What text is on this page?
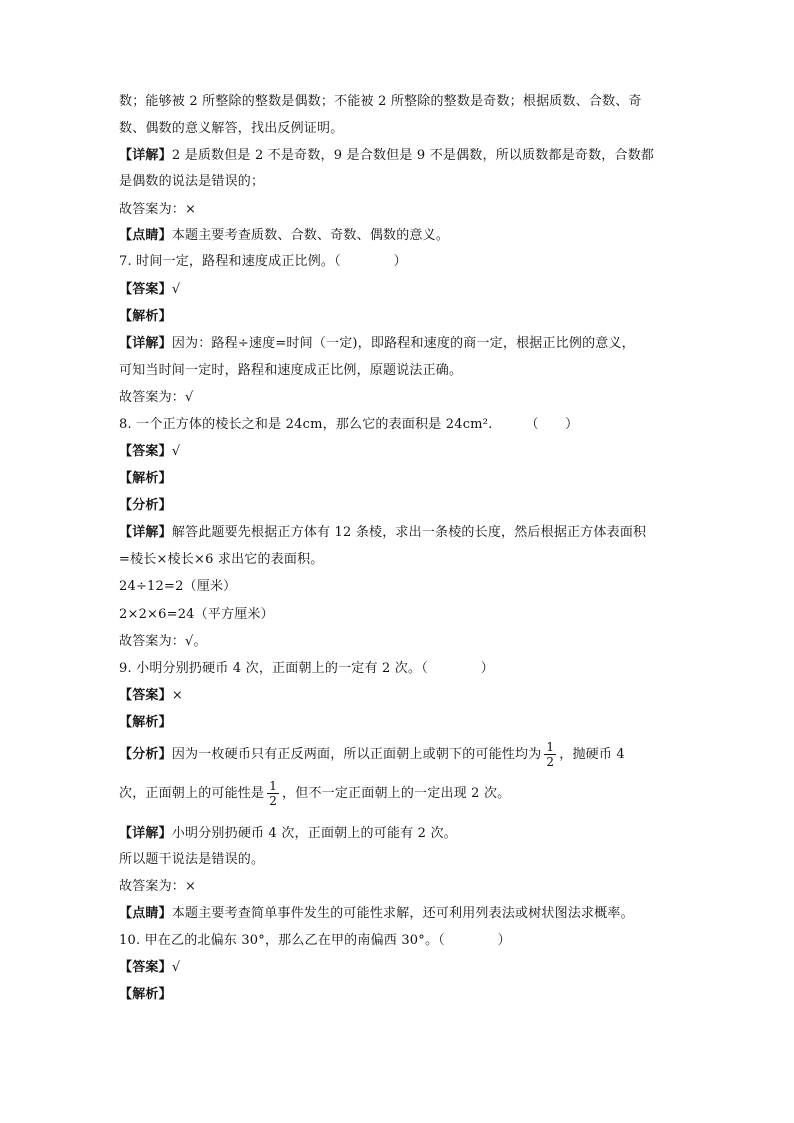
数；能够被 2 所整除的整数是偶数；不能被 2 所整除的整数是奇数；根据质数、合数、奇
数、偶数的意义解答，找出反例证明。
【详解】2 是质数但是 2 不是奇数，9 是合数但是 9 不是偶数，所以质数都是奇数，合数都
是偶数的说法是错误的；
故答案为：×
【点睛】本题主要考查质数、合数、奇数、偶数的意义。
7. 时间一定，路程和速度成正比例。（　　　　）
【答案】√
【解析】
【详解】因为：路程÷速度=时间（一定)，即路程和速度的商一定，根据正比例的意义，
可知当时间一定时，路程和速度成正比例，原题说法正确。
故答案为：√
8. 一个正方体的棱长之和是 24cm，那么它的表面积是 24cm².　　　（　　）
【答案】√
【解析】
【分析】
【详解】解答此题要先根据正方体有 12 条棱，求出一条棱的长度，然后根据正方体表面积
=棱长×棱长×6 求出它的表面积。
24÷12=2（厘米）
2×2×6=24（平方厘米）
故答案为：√。
9. 小明分别扔硬币 4 次，正面朝上的一定有 2 次。（　　　　）
【答案】×
【解析】
【分析】因为一枚硬币只有正反两面，所以正面朝上或朝下的可能性均为 $\frac{1}{2}$ ，抛硬币 4
次，正面朝上的可能性是 $\frac{1}{2}$ ，但不一定正面朝上的一定出现 2 次。
【详解】小明分别扔硬币 4 次，正面朝上的可能有 2 次。
所以题干说法是错误的。
故答案为：×
【点睛】本题主要考查简单事件发生的可能性求解，还可利用列表法或树状图法求概率。
10. 甲在乙的北偏东 30°，那么乙在甲的南偏西 30°。（　　　　）
【答案】√
【解析】
